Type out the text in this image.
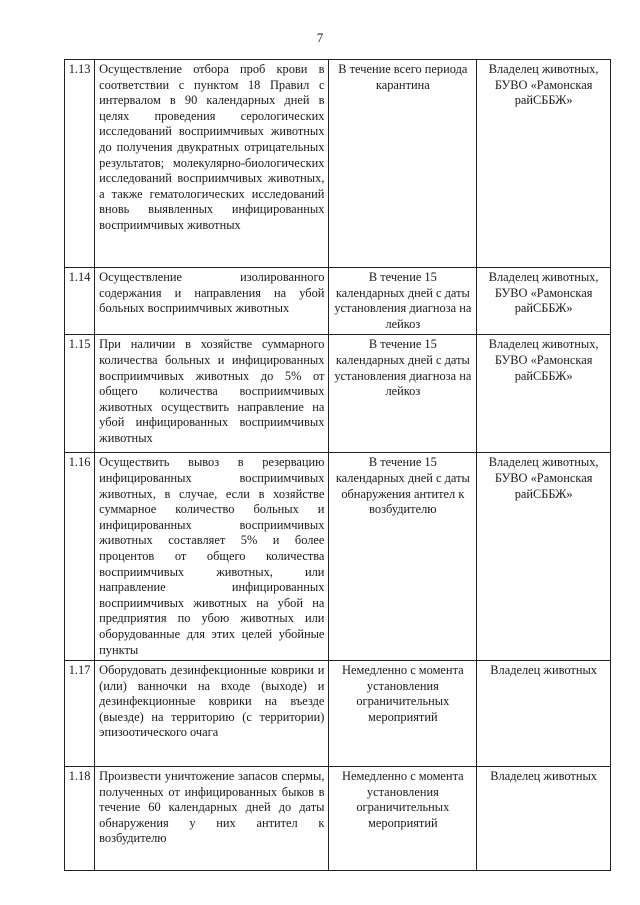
7
1.13	Осуществление отбора проб крови в соответствии с пунктом 18 Правил с интервалом в 90 календарных дней в целях проведения серологических исследований восприимчивых животных до получения двукратных отрицательных результатов; молекулярно-биологических исследований восприимчивых животных, а также гематологических исследований вновь выявленных инфицированных восприимчивых животных	В течение всего периода карантина	Владелец животных, БУВО «Рамонская райСББЖ»
1.14	Осуществление изолированного содержания и направления на убой больных восприимчивых животных	В течение 15 календарных дней с даты установления диагноза на лейкоз	Владелец животных, БУВО «Рамонская райСББЖ»
1.15	При наличии в хозяйстве суммарного количества больных и инфицированных восприимчивых животных до 5% от общего количества восприимчивых животных осуществить направление на убой инфицированных восприимчивых животных	В течение 15 календарных дней с даты установления диагноза на лейкоз	Владелец животных, БУВО «Рамонская райСББЖ»
1.16	Осуществить вывоз в резервацию инфицированных восприимчивых животных, в случае, если в хозяйстве суммарное количество больных и инфицированных восприимчивых животных составляет 5% и более процентов от общего количества восприимчивых животных, или направление инфицированных восприимчивых животных на убой на предприятия по убою животных или оборудованные для этих целей убойные пункты	В течение 15 календарных дней с даты обнаружения антител к возбудителю	Владелец животных, БУВО «Рамонская райСББЖ»
1.17	Оборудовать дезинфекционные коврики и (или) ванночки на входе (выходе) и дезинфекционные коврики на въезде (выезде) на территорию (с территории) эпизоотического очага	Немедленно с момента установления ограничительных мероприятий	Владелец животных
1.18	Произвести уничтожение запасов спермы, полученных от инфицированных быков в течение 60 календарных дней до даты обнаружения у них антител к возбудителю	Немедленно с момента установления ограничительных мероприятий	Владелец животных
